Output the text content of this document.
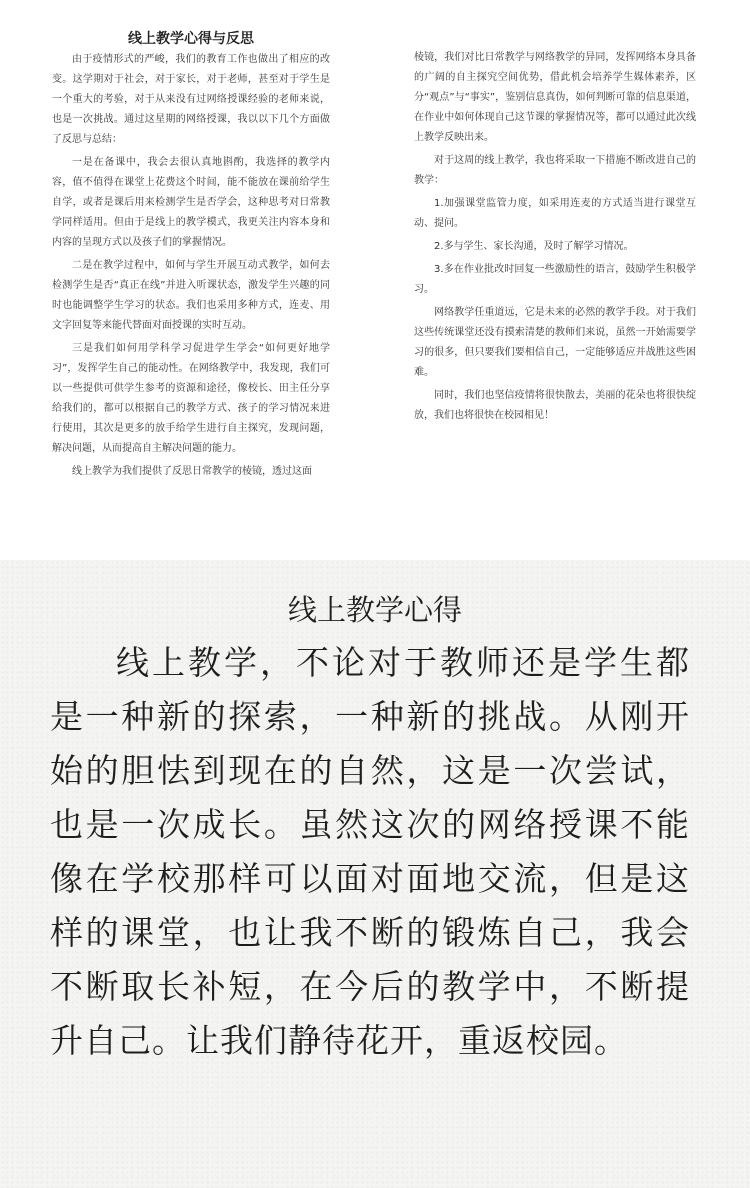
线上教学心得与反思

由于疫情形式的严峻，我们的教育工作也做出了相应的改变。这学期对于社会，对于家长，对于老师，甚至对于学生是一个重大的考验，对于从来没有过网络授课经验的老师来说，也是一次挑战。通过这星期的网络授课，我以以下几个方面做了反思与总结：

一是在备课中，我会去很认真地斟酌，我选择的教学内容，值不值得在课堂上花费这个时间，能不能放在课前给学生自学，或者是课后用来检测学生是否学会，这种思考对日常教学同样适用。但由于是线上的教学模式，我更关注内容本身和内容的呈现方式以及孩子们的掌握情况。

二是在教学过程中，如何与学生开展互动式教学，如何去检测学生是否“真正在线”并进入听课状态，激发学生兴趣的同时也能调整学生学习的状态。我们也采用多种方式，连麦、用文字回复等来能代替面对面授课的实时互动。

三是我们如何用学科学习促进学生学会“如何更好地学习”，发挥学生自己的能动性。在网络教学中，我发现，我们可以一些提供可供学生参考的资源和途径，像校长、田主任分享给我们的，都可以根据自己的教学方式、孩子的学习情况来进行使用，其次是更多的放手给学生进行自主探究，发现问题，解决问题，从而提高自主解决问题的能力。

线上教学为我们提供了反思日常教学的棱镜，透过这面

棱镜，我们对比日常教学与网络教学的异同，发挥网络本身具备的广阔的自主探究空间优势，借此机会培养学生媒体素养，区分“观点”与“事实”，鉴别信息真伪，如何判断可靠的信息渠道，在作业中如何体现自己这节课的掌握情况等，都可以通过此次线上教学反映出来。

对于这周的线上教学，我也将采取一下措施不断改进自己的教学：

1.加强课堂监管力度，如采用连麦的方式适当进行课堂互动、提问。

2.多与学生、家长沟通，及时了解学习情况。

3.多在作业批改时回复一些激励性的语言，鼓励学生积极学习。

网络教学任重道远，它是未来的必然的教学手段。对于我们这些传统课堂还没有摸索清楚的教师们来说，虽然一开始需要学习的很多，但只要我们要相信自己，一定能够适应并战胜这些困难。

同时，我们也坚信疫情将很快散去，美丽的花朵也将很快绽放，我们也将很快在校园相见！

线上教学心得

线上教学，不论对于教师还是学生都是一种新的探索，一种新的挑战。从刚开始的胆怯到现在的自然，这是一次尝试，也是一次成长。虽然这次的网络授课不能像在学校那样可以面对面地交流，但是这样的课堂，也让我不断的锻炼自己，我会不断取长补短，在今后的教学中，不断提升自己。让我们静待花开，重返校园。
